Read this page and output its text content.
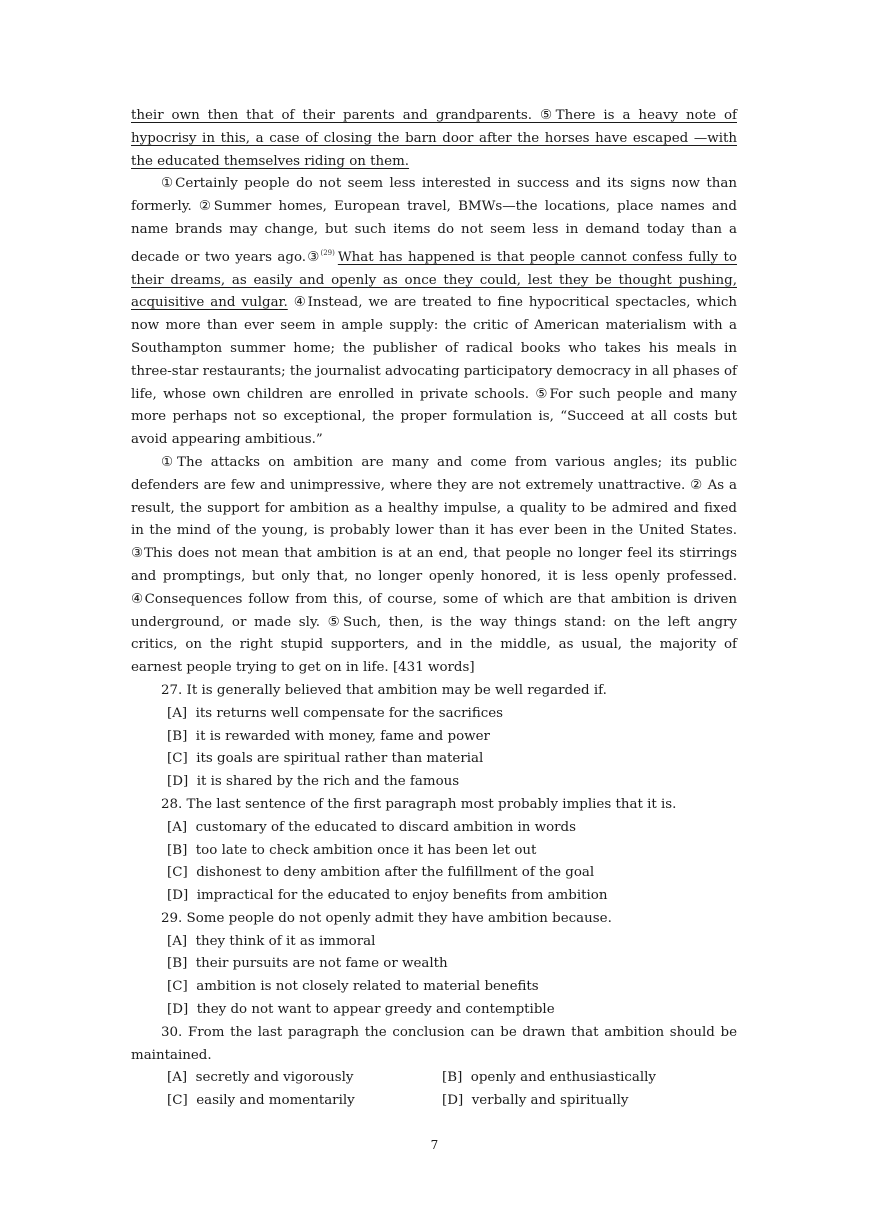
their own then that of their parents and grandparents. ⑤There is a heavy note of hypocrisy in this, a case of closing the barn door after the horses have escaped —with the educated themselves riding on them.

①Certainly people do not seem less interested in success and its signs now than formerly. ②Summer homes, European travel, BMWs—the locations, place names and name brands may change, but such items do not seem less in demand today than a decade or two years ago.③$^{(29)}$ What has happened is that people cannot confess fully to their dreams, as easily and openly as once they could, lest they be thought pushing, acquisitive and vulgar. ④Instead, we are treated to fine hypocritical spectacles, which now more than ever seem in ample supply: the critic of American materialism with a Southampton summer home; the publisher of radical books who takes his meals in three-star restaurants; the journalist advocating participatory democracy in all phases of life, whose own children are enrolled in private schools. ⑤For such people and many more perhaps not so exceptional, the proper formulation is, “Succeed at all costs but avoid appearing ambitious.”

①The attacks on ambition are many and come from various angles; its public defenders are few and unimpressive, where they are not extremely unattractive. ② As a result, the support for ambition as a healthy impulse, a quality to be admired and fixed in the mind of the young, is probably lower than it has ever been in the United States. ③This does not mean that ambition is at an end, that people no longer feel its stirrings and promptings, but only that, no longer openly honored, it is less openly professed. ④Consequences follow from this, of course, some of which are that ambition is driven underground, or made sly. ⑤Such, then, is the way things stand: on the left angry critics, on the right stupid supporters, and in the middle, as usual, the majority of earnest people trying to get on in life. [431 words]

27. It is generally believed that ambition may be well regarded if.

[A]  its returns well compensate for the sacrifices

[B]  it is rewarded with money, fame and power

[C]  its goals are spiritual rather than material

[D]  it is shared by the rich and the famous

28. The last sentence of the first paragraph most probably implies that it is.

[A]  customary of the educated to discard ambition in words

[B]  too late to check ambition once it has been let out

[C]  dishonest to deny ambition after the fulfillment of the goal

[D]  impractical for the educated to enjoy benefits from ambition

29. Some people do not openly admit they have ambition because.

[A]  they think of it as immoral

[B]  their pursuits are not fame or wealth

[C]  ambition is not closely related to material benefits

[D]  they do not want to appear greedy and contemptible

30. From the last paragraph the conclusion can be drawn that ambition should be maintained.

[A]  secretly and vigorously	[B]  openly and enthusiastically
[C]  easily and momentarily	[D]  verbally and spiritually
7
